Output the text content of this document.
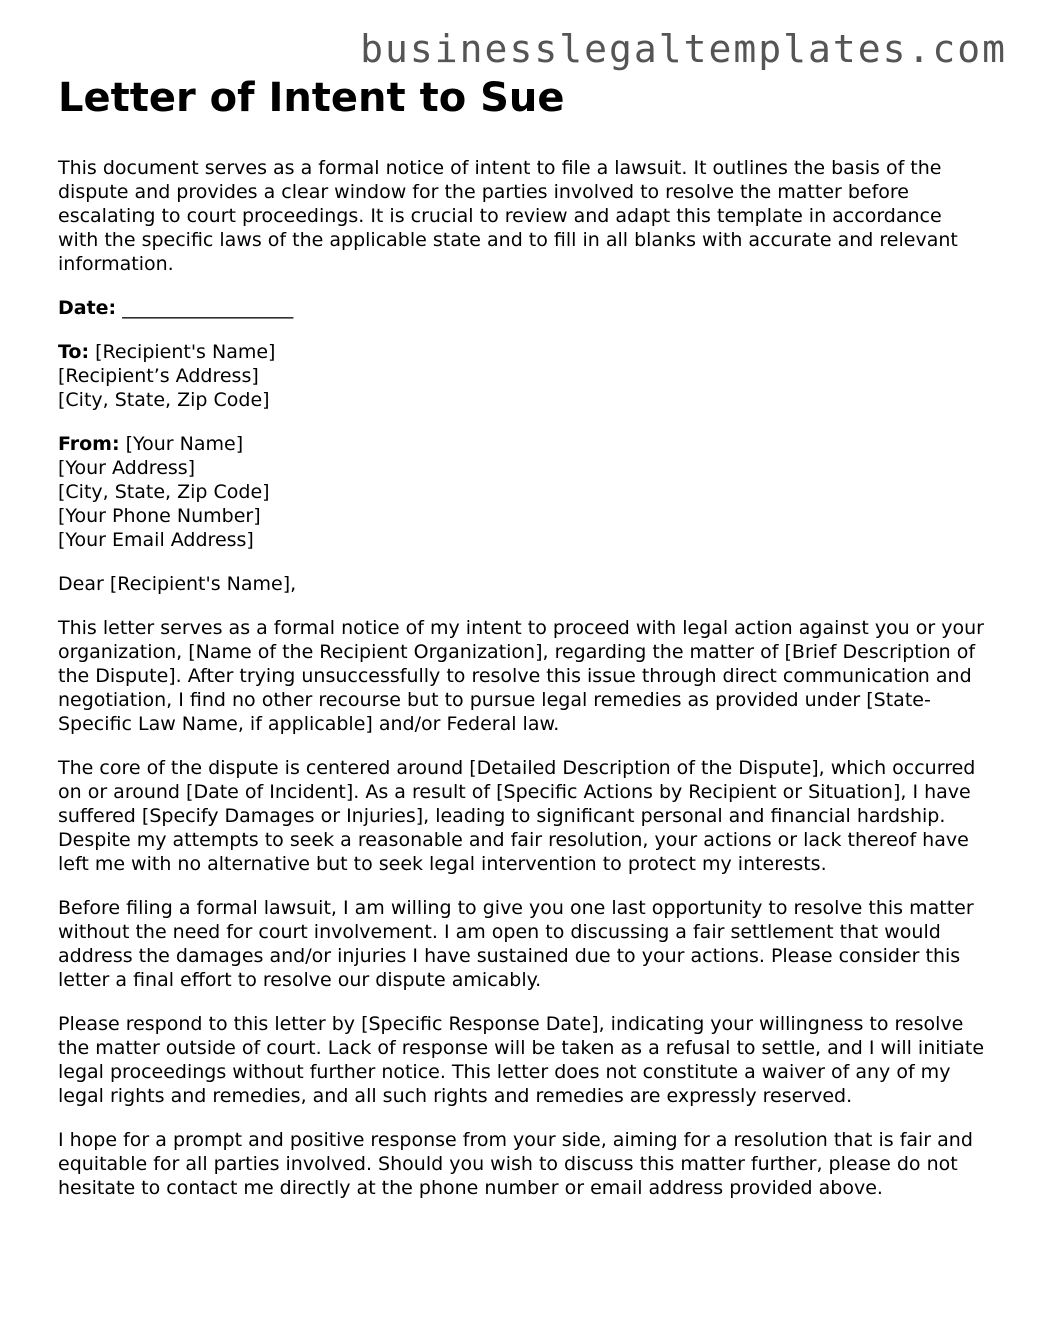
businesslegaltemplates.com
Letter of Intent to Sue

This document serves as a formal notice of intent to file a lawsuit. It outlines the basis of the dispute and provides a clear window for the parties involved to resolve the matter before escalating to court proceedings. It is crucial to review and adapt this template in accordance with the specific laws of the applicable state and to fill in all blanks with accurate and relevant information.

Date: __________________
To: [Recipient's Name]
[Recipient’s Address]
[City, State, Zip Code]
From: [Your Name]
[Your Address]
[City, State, Zip Code]
[Your Phone Number]
[Your Email Address]

Dear [Recipient's Name],

This letter serves as a formal notice of my intent to proceed with legal action against you or your organization, [Name of the Recipient Organization], regarding the matter of [Brief Description of the Dispute]. After trying unsuccessfully to resolve this issue through direct communication and negotiation, I find no other recourse but to pursue legal remedies as provided under [State-Specific Law Name, if applicable] and/or Federal law.

The core of the dispute is centered around [Detailed Description of the Dispute], which occurred on or around [Date of Incident]. As a result of [Specific Actions by Recipient or Situation], I have suffered [Specify Damages or Injuries], leading to significant personal and financial hardship. Despite my attempts to seek a reasonable and fair resolution, your actions or lack thereof have left me with no alternative but to seek legal intervention to protect my interests.

Before filing a formal lawsuit, I am willing to give you one last opportunity to resolve this matter without the need for court involvement. I am open to discussing a fair settlement that would address the damages and/or injuries I have sustained due to your actions. Please consider this letter a final effort to resolve our dispute amicably.

Please respond to this letter by [Specific Response Date], indicating your willingness to resolve the matter outside of court. Lack of response will be taken as a refusal to settle, and I will initiate legal proceedings without further notice. This letter does not constitute a waiver of any of my legal rights and remedies, and all such rights and remedies are expressly reserved.

I hope for a prompt and positive response from your side, aiming for a resolution that is fair and equitable for all parties involved. Should you wish to discuss this matter further, please do not hesitate to contact me directly at the phone number or email address provided above.
